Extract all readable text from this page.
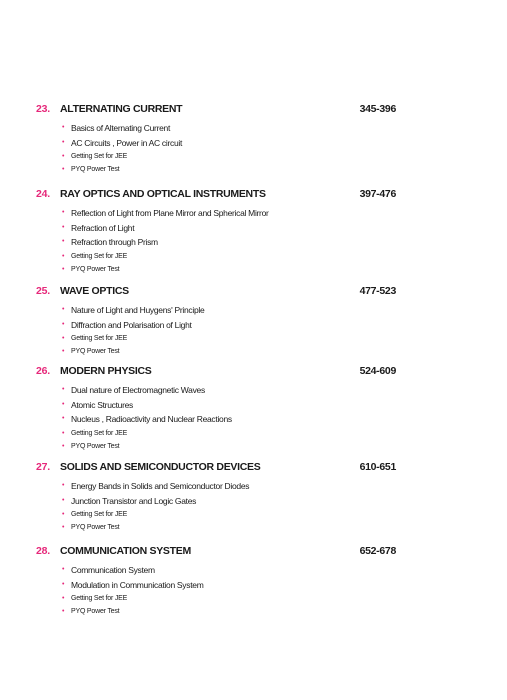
23. ALTERNATING CURRENT	345-396
• Basics of Alternating Current
• AC Circuits , Power in AC circuit
• Getting Set for JEE
• PYQ Power Test
24. RAY OPTICS AND OPTICAL INSTRUMENTS	397-476
• Reflection of Light from Plane Mirror and Spherical Mirror
• Refraction of Light
• Refraction through Prism
• Getting Set for JEE
• PYQ Power Test
25. WAVE OPTICS	477-523
• Nature of Light and Huygens' Principle
• Diffraction and Polarisation of Light
• Getting Set for JEE
• PYQ Power Test
26. MODERN PHYSICS	524-609
• Dual nature of Electromagnetic Waves
• Atomic Structures
• Nucleus , Radioactivity and Nuclear Reactions
• Getting Set for JEE
• PYQ Power Test
27. SOLIDS AND SEMICONDUCTOR DEVICES	610-651
• Energy Bands in Solids and Semiconductor Diodes
• Junction Transistor and Logic Gates
• Getting Set for JEE
• PYQ Power Test
28. COMMUNICATION SYSTEM	652-678
• Communication System
• Modulation in Communication System
• Getting Set for JEE
• PYQ Power Test
